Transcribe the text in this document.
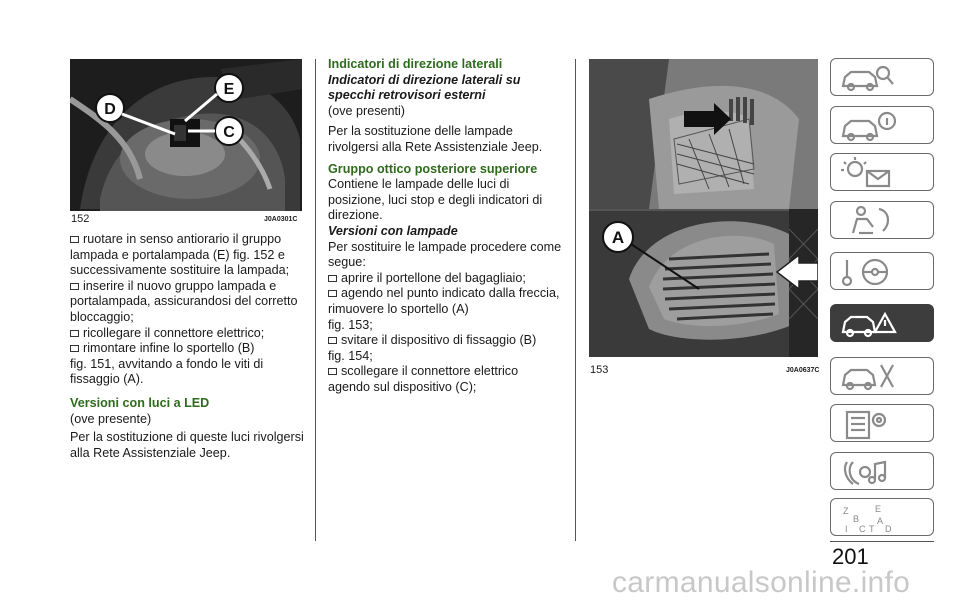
D
E
C
152	J0A0301C

ruotare in senso antiorario il gruppo lampada e portalampada (E) fig. 152 e successivamente sostituire la lampada;

inserire il nuovo gruppo lampada e portalampada, assicurandosi del corretto bloccaggio;

ricollegare il connettore elettrico;

rimontare infine lo sportello (B)

fig. 151, avvitando a fondo le viti di fissaggio (A).

Versioni con luci a LED

(ove presente)

Per la sostituzione di queste luci rivolgersi alla Rete Assistenziale Jeep.

Indicatori di direzione laterali

Indicatori di direzione laterali su specchi retrovisori esterni

(ove presenti)

Per la sostituzione delle lampade rivolgersi alla Rete Assistenziale Jeep.

Gruppo ottico posteriore superiore

Contiene le lampade delle luci di posizione, luci stop e degli indicatori di direzione.

Versioni con lampade

Per sostituire le lampade procedere come segue:

aprire il portellone del bagagliaio;

agendo nel punto indicato dalla freccia, rimuovere lo sportello (A)

fig. 153;

svitare il dispositivo di fissaggio (B)

fig. 154;

scollegare il connettore elettrico agendo sul dispositivo (C);

A
153	J0A0637C
Z
B
I C T
A
D
E
201
carmanualsonline.info
